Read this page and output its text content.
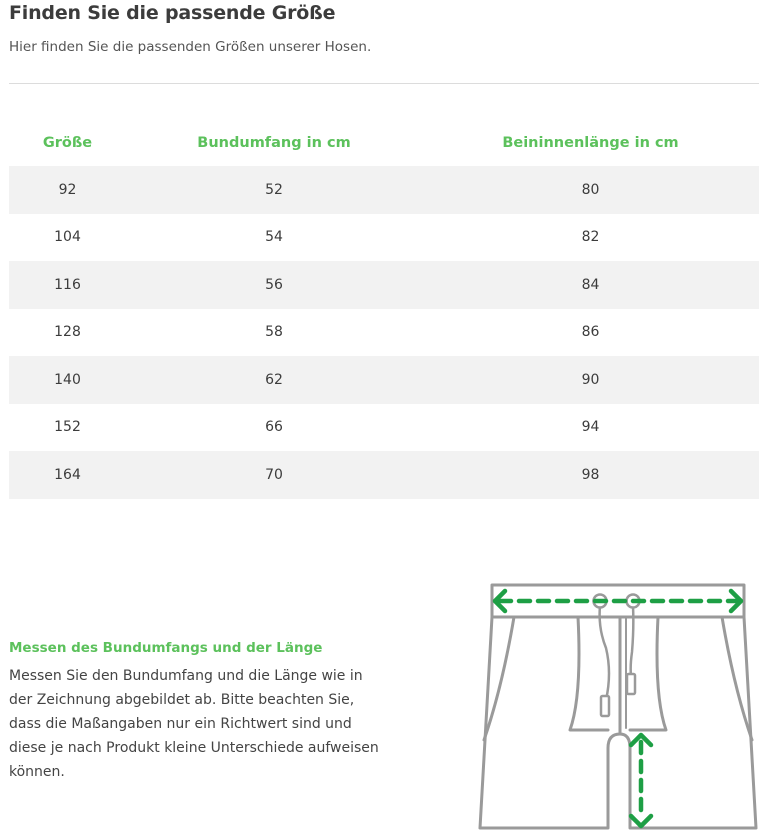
Finden Sie die passende Größe

Hier finden Sie die passenden Größen unserer Hosen.

Größe	Bundumfang in cm	Beininnenlänge in cm
92	52	80
104	54	82
116	56	84
128	58	86
140	62	90
152	66	94
164	70	98
Messen des Bundumfangs und der Länge

Messen Sie den Bundumfang und die Länge wie in der Zeichnung abgebildet ab. Bitte beachten Sie, dass die Maßangaben nur ein Richtwert sind und diese je nach Produkt kleine Unterschiede aufweisen können.
